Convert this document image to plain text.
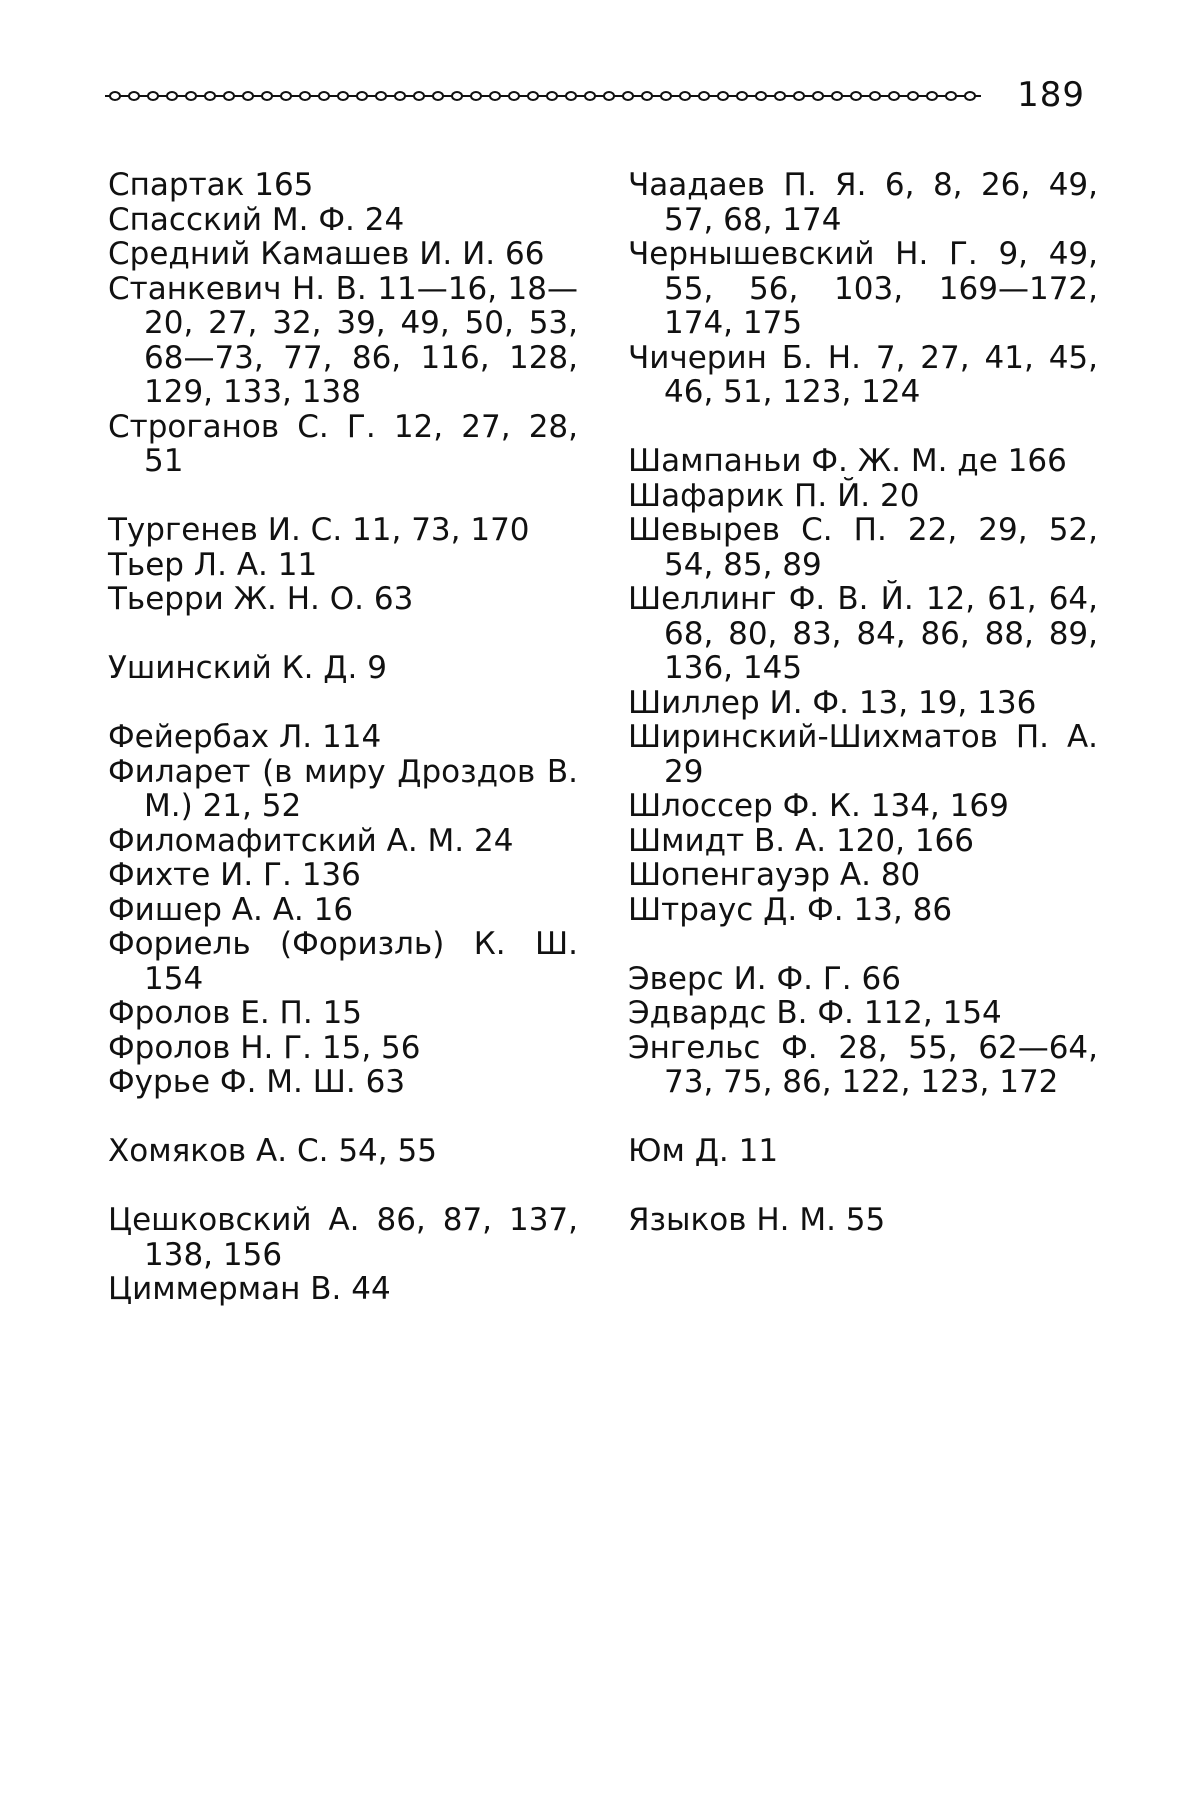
189

Спартак 165

Спасский М. Ф. 24

Средний Камашев И. И. 66

Станкевич Н. В. 11—16, 18—20, 27, 32, 39, 49, 50, 53, 68—73, 77, 86, 116, 128, 129, 133, 138

Строганов С. Г. 12, 27, 28, 51

Тургенев И. С. 11, 73, 170

Тьер Л. А. 11

Тьерри Ж. Н. О. 63

Ушинский К. Д. 9

Фейербах Л. 114

Филарет (в миру Дроздов В. М.) 21, 52

Филомафитский А. М. 24

Фихте И. Г. 136

Фишер А. А. 16

Фориель (Форизль) К. Ш. 154

Фролов Е. П. 15

Фролов Н. Г. 15, 56

Фурье Ф. М. Ш. 63

Хомяков А. С. 54, 55

Цешковский А. 86, 87, 137, 138, 156

Циммерман В. 44

Чаадаев П. Я. 6, 8, 26, 49, 57, 68, 174

Чернышевский Н. Г. 9, 49, 55, 56, 103, 169—172, 174, 175

Чичерин Б. Н. 7, 27, 41, 45, 46, 51, 123, 124

Шампаньи Ф. Ж. М. де 166

Шафарик П. Й. 20

Шевырев С. П. 22, 29, 52, 54, 85, 89

Шеллинг Ф. В. Й. 12, 61, 64, 68, 80, 83, 84, 86, 88, 89, 136, 145

Шиллер И. Ф. 13, 19, 136

Ширинский-Шихматов П. А. 29

Шлоссер Ф. К. 134, 169

Шмидт В. А. 120, 166

Шопенгауэр А. 80

Штраус Д. Ф. 13, 86

Эверс И. Ф. Г. 66

Эдвардс В. Ф. 112, 154

Энгельс Ф. 28, 55, 62—64, 73, 75, 86, 122, 123, 172

Юм Д. 11

Языков Н. М. 55
